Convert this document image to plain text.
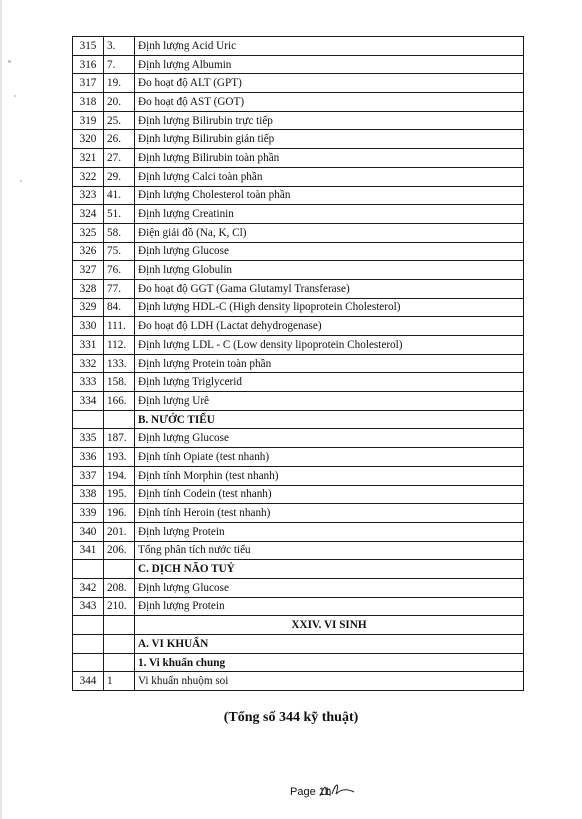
315	3.	Định lượng Acid Uric
316	7.	Định lượng Albumin
317	19.	Đo hoạt độ ALT (GPT)
318	20.	Đo hoạt độ AST (GOT)
319	25.	Định lượng Bilirubin trực tiếp
320	26.	Định lượng Bilirubin gián tiếp
321	27.	Định lượng Bilirubin toàn phần
322	29.	Định lượng Calci toàn phần
323	41.	Định lượng Cholesterol toàn phần
324	51.	Định lượng Creatinin
325	58.	Điện giải đồ (Na, K, Cl)
326	75.	Định lượng Glucose
327	76.	Định lượng Globulin
328	77.	Đo hoạt độ GGT (Gama Glutamyl Transferase)
329	84.	Định lượng HDL-C (High density lipoprotein Cholesterol)
330	111.	Đo hoạt độ LDH (Lactat dehydrogenase)
331	112.	Định lượng LDL - C (Low density lipoprotein Cholesterol)
332	133.	Định lượng Protein toàn phần
333	158.	Định lượng Triglycerid
334	166.	Định lượng Urê
		B. NƯỚC TIỂU
335	187.	Định lượng Glucose
336	193.	Định tính Opiate (test nhanh)
337	194.	Định tính Morphin (test nhanh)
338	195.	Định tính Codein (test nhanh)
339	196.	Định tính Heroin (test nhanh)
340	201.	Định lượng Protein
341	206.	Tổng phân tích nước tiểu
		C. DỊCH NÃO TUỶ
342	208.	Định lượng Glucose
343	210.	Định lượng Protein
		XXIV. VI SINH
		A. VI KHUẨN
		1. Vi khuẩn chung
344	1	Vi khuẩn nhuộm soi
(Tổng số 344 kỹ thuật)
Page 11
